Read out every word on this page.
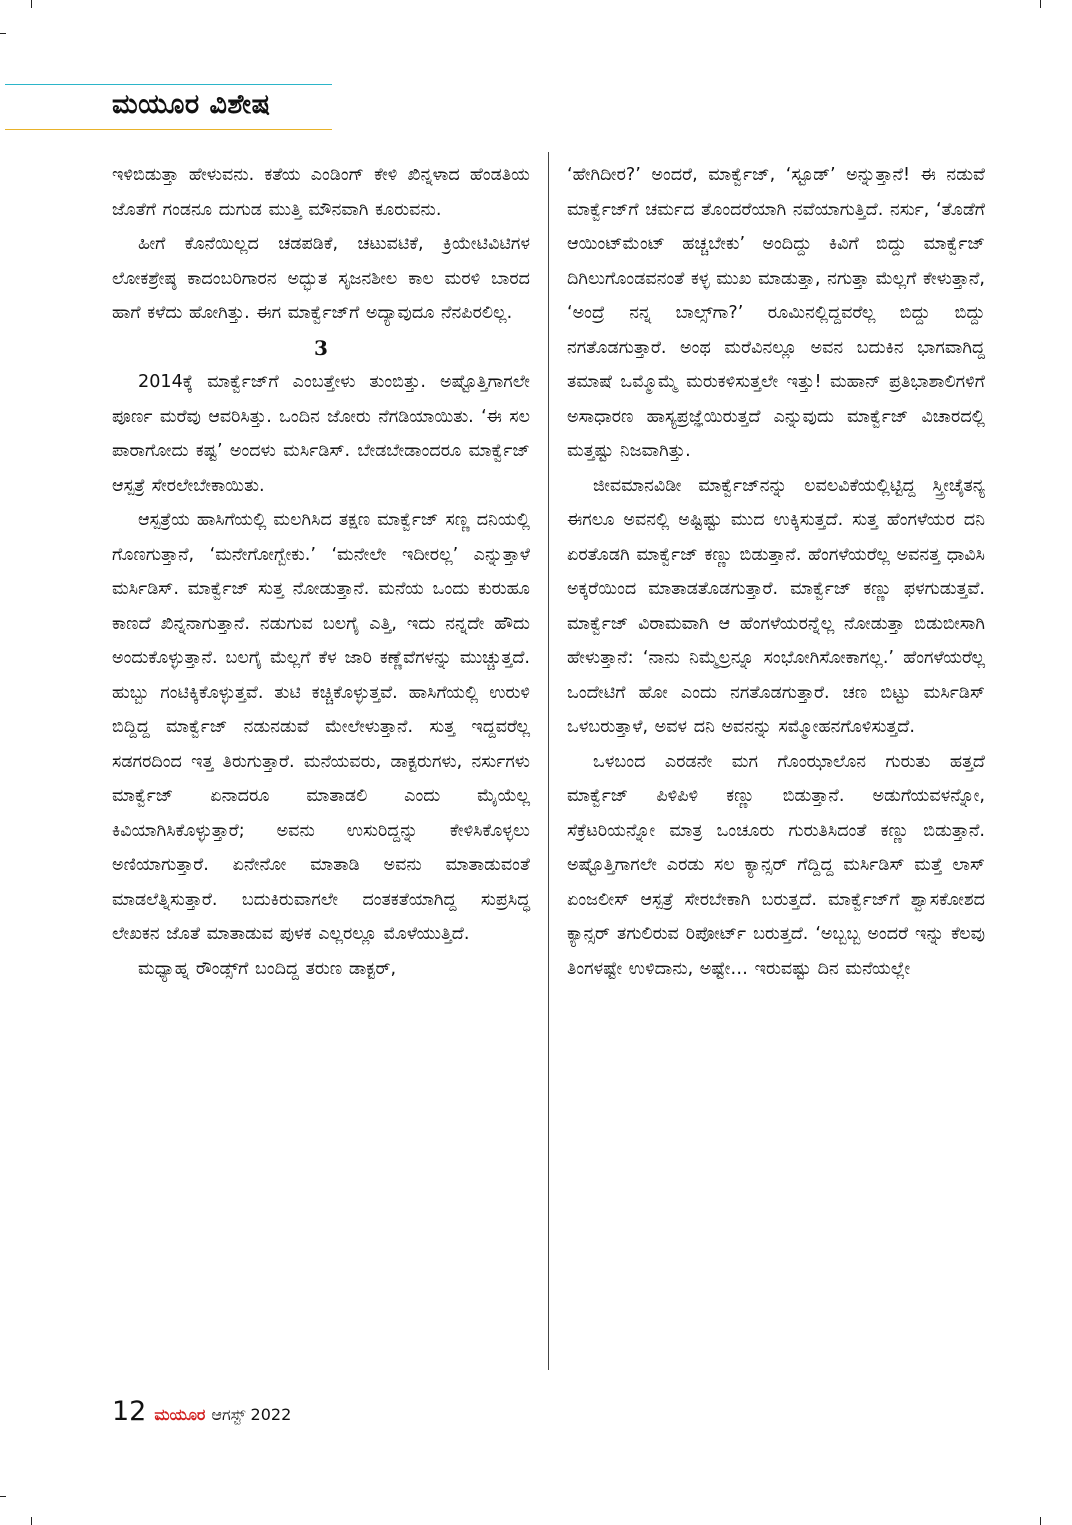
ಮಯೂರ ವಿಶೇಷ

ಇಳಿಬಿಡುತ್ತಾ ಹೇಳುವನು. ಕತೆಯ ಎಂಡಿಂಗ್ ಕೇಳಿ ಖಿನ್ನಳಾದ ಹೆಂಡತಿಯ ಜೊತೆಗೆ ಗಂಡನೂ ದುಗುಡ ಮುತ್ತಿ ಮೌನವಾಗಿ ಕೂರುವನು.

ಹೀಗೆ ಕೊನೆಯಿಲ್ಲದ ಚಡಪಡಿಕೆ, ಚಟುವಟಿಕೆ, ಕ್ರಿಯೇಟಿವಿಟಿಗಳ ಲೋಕಶ್ರೇಷ್ಠ ಕಾದಂಬರಿಗಾರನ ಅದ್ಭುತ ಸೃಜನಶೀಲ ಕಾಲ ಮರಳಿ ಬಾರದ ಹಾಗೆ ಕಳೆದು ಹೋಗಿತ್ತು. ಈಗ ಮಾರ್ಕ್ವೆಜ್‌ಗೆ ಅದ್ಯಾವುದೂ ನೆನಪಿರಲಿಲ್ಲ.

3

2014ಕ್ಕೆ ಮಾರ್ಕ್ವೆಜ್‌ಗೆ ಎಂಬತ್ತೇಳು ತುಂಬಿತ್ತು. ಅಷ್ಟೊತ್ತಿಗಾಗಲೇ ಪೂರ್ಣ ಮರೆವು ಆವರಿಸಿತ್ತು. ಒಂದಿನ ಜೋರು ನೆಗಡಿಯಾಯಿತು. ‘ಈ ಸಲ ಪಾರಾಗೋದು ಕಷ್ಟ’ ಅಂದಳು ಮರ್ಸಿಡಿಸ್. ಬೇಡಬೇಡಾಂದರೂ ಮಾರ್ಕ್ವೆಜ್ ಆಸ್ಪತ್ರೆ ಸೇರಲೇಬೇಕಾಯಿತು.

ಆಸ್ಪತ್ರೆಯ ಹಾಸಿಗೆಯಲ್ಲಿ ಮಲಗಿಸಿದ ತಕ್ಷಣ ಮಾರ್ಕ್ವೆಜ್ ಸಣ್ಣ ದನಿಯಲ್ಲಿ ಗೊಣಗುತ್ತಾನೆ, ‘ಮನೇಗೋಗ್ಬೇಕು.’ ‘ಮನೇಲೇ ಇದೀರಲ್ಲ’ ಎನ್ನುತ್ತಾಳೆ ಮರ್ಸಿಡಿಸ್. ಮಾರ್ಕ್ವೆಜ್ ಸುತ್ತ ನೋಡುತ್ತಾನೆ. ಮನೆಯ ಒಂದು ಕುರುಹೂ ಕಾಣದೆ ಖಿನ್ನನಾಗುತ್ತಾನೆ. ನಡುಗುವ ಬಲಗೈ ಎತ್ತಿ, ಇದು ನನ್ನದೇ ಹೌದು ಅಂದುಕೊಳ್ಳುತ್ತಾನೆ. ಬಲಗೈ ಮೆಲ್ಲಗೆ ಕೆಳ ಜಾರಿ ಕಣ್ಣೆವೆಗಳನ್ನು ಮುಚ್ಚುತ್ತದೆ. ಹುಬ್ಬು ಗಂಟಿಕ್ಕಿಕೊಳ್ಳುತ್ತವೆ. ತುಟಿ ಕಚ್ಚಿಕೊಳ್ಳುತ್ತವೆ. ಹಾಸಿಗೆಯಲ್ಲಿ ಉರುಳಿ ಬಿದ್ದಿದ್ದ ಮಾರ್ಕ್ವೆಜ್ ನಡುನಡುವೆ ಮೇಲೇಳುತ್ತಾನೆ. ಸುತ್ತ ಇದ್ದವರೆಲ್ಲ ಸಡಗರದಿಂದ ಇತ್ತ ತಿರುಗುತ್ತಾರೆ. ಮನೆಯವರು, ಡಾಕ್ಟರುಗಳು, ನರ್ಸುಗಳು ಮಾರ್ಕ್ವೆಜ್ ಏನಾದರೂ ಮಾತಾಡಲಿ ಎಂದು ಮೈಯೆಲ್ಲ ಕಿವಿಯಾಗಿಸಿಕೊಳ್ಳುತ್ತಾರೆ; ಅವನು ಉಸುರಿದ್ದನ್ನು ಕೇಳಿಸಿಕೊಳ್ಳಲು ಅಣಿಯಾಗುತ್ತಾರೆ. ಏನೇನೋ ಮಾತಾಡಿ ಅವನು ಮಾತಾಡುವಂತೆ ಮಾಡಲೆತ್ನಿಸುತ್ತಾರೆ. ಬದುಕಿರುವಾಗಲೇ ದಂತಕತೆಯಾಗಿದ್ದ ಸುಪ್ರಸಿದ್ಧ ಲೇಖಕನ ಜೊತೆ ಮಾತಾಡುವ ಪುಳಕ ಎಲ್ಲರಲ್ಲೂ ಮೊಳೆಯುತ್ತಿದೆ.

ಮಧ್ಯಾಹ್ನ ರೌಂಡ್ಸ್‌ಗೆ ಬಂದಿದ್ದ ತರುಣ ಡಾಕ್ಟರ್,

‘ಹೇಗಿದೀರ?’ ಅಂದರೆ, ಮಾರ್ಕ್ವೆಜ್, ‘ಸ್ಟೂಡ್’ ಅನ್ನುತ್ತಾನೆ! ಈ ನಡುವೆ ಮಾರ್ಕ್ವೆಜ್‌ಗೆ ಚರ್ಮದ ತೊಂದರೆಯಾಗಿ ನವೆಯಾಗುತ್ತಿದೆ. ನರ್ಸು, ‘ತೊಡೆಗೆ ಆಯಿಂಟ್‌ಮೆಂಟ್ ಹಚ್ಚಬೇಕು’ ಅಂದಿದ್ದು ಕಿವಿಗೆ ಬಿದ್ದು ಮಾರ್ಕ್ವೆಜ್ ದಿಗಿಲುಗೊಂಡವನಂತೆ ಕಳ್ಳ ಮುಖ ಮಾಡುತ್ತಾ, ನಗುತ್ತಾ ಮೆಲ್ಲಗೆ ಕೇಳುತ್ತಾನೆ, ‘ಅಂದ್ರೆ ನನ್ನ ಬಾಲ್ಸ್‌ಗಾ?’ ರೂಮಿನಲ್ಲಿದ್ದವರೆಲ್ಲ ಬಿದ್ದು ಬಿದ್ದು ನಗತೊಡಗುತ್ತಾರೆ. ಅಂಥ ಮರೆವಿನಲ್ಲೂ ಅವನ ಬದುಕಿನ ಭಾಗವಾಗಿದ್ದ ತಮಾಷೆ ಒಮ್ಮೊಮ್ಮೆ ಮರುಕಳಿಸುತ್ತಲೇ ಇತ್ತು! ಮಹಾನ್ ಪ್ರತಿಭಾಶಾಲಿಗಳಿಗೆ ಅಸಾಧಾರಣ ಹಾಸ್ಯಪ್ರಜ್ಞೆಯಿರುತ್ತದೆ ಎನ್ನುವುದು ಮಾರ್ಕ್ವೆಜ್ ವಿಚಾರದಲ್ಲಿ ಮತ್ತಷ್ಟು ನಿಜವಾಗಿತ್ತು.

ಜೀವಮಾನವಿಡೀ ಮಾರ್ಕ್ವೆಜ್‌ನನ್ನು ಲವಲವಿಕೆಯಲ್ಲಿಟ್ಟಿದ್ದ ಸ್ತ್ರೀಚೈತನ್ಯ ಈಗಲೂ ಅವನಲ್ಲಿ ಅಷ್ಟಿಷ್ಟು ಮುದ ಉಕ್ಕಿಸುತ್ತದೆ. ಸುತ್ತ ಹೆಂಗಳೆಯರ ದನಿ ಏರತೊಡಗಿ ಮಾರ್ಕ್ವೆಜ್ ಕಣ್ಣು ಬಿಡುತ್ತಾನೆ. ಹೆಂಗಳೆಯರೆಲ್ಲ ಅವನತ್ತ ಧಾವಿಸಿ ಅಕ್ಕರೆಯಿಂದ ಮಾತಾಡತೊಡಗುತ್ತಾರೆ. ಮಾರ್ಕ್ವೆಜ್ ಕಣ್ಣು ಫಳಗುಡುತ್ತವೆ. ಮಾರ್ಕ್ವೆಜ್ ವಿರಾಮವಾಗಿ ಆ ಹೆಂಗಳೆಯರನ್ನೆಲ್ಲ ನೋಡುತ್ತಾ ಬಿಡುಬೀಸಾಗಿ ಹೇಳುತ್ತಾನೆ: ‘ನಾನು ನಿಮ್ಮೆಲ್ರನ್ನೂ ಸಂಭೋಗಿಸೋಕಾಗಲ್ಲ.’ ಹೆಂಗಳೆಯರೆಲ್ಲ ಒಂದೇಟಿಗೆ ಹೋ ಎಂದು ನಗತೊಡಗುತ್ತಾರೆ. ಚಣ ಬಿಟ್ಟು ಮರ್ಸಿಡಿಸ್ ಒಳಬರುತ್ತಾಳೆ, ಅವಳ ದನಿ ಅವನನ್ನು ಸಮ್ಮೋಹನಗೊಳಿಸುತ್ತದೆ.

ಒಳಬಂದ ಎರಡನೇ ಮಗ ಗೊಂಝಾಲೊನ ಗುರುತು ಹತ್ತದೆ ಮಾರ್ಕ್ವೆಜ್ ಪಿಳಿಪಿಳಿ ಕಣ್ಣು ಬಿಡುತ್ತಾನೆ. ಅಡುಗೆಯವಳನ್ನೋ, ಸೆಕ್ರೆಟರಿಯನ್ನೋ ಮಾತ್ರ ಒಂಚೂರು ಗುರುತಿಸಿದಂತೆ ಕಣ್ಣು ಬಿಡುತ್ತಾನೆ. ಅಷ್ಟೊತ್ತಿಗಾಗಲೇ ಎರಡು ಸಲ ಕ್ಯಾನ್ಸರ್ ಗೆದ್ದಿದ್ದ ಮರ್ಸಿಡಿಸ್ ಮತ್ತೆ ಲಾಸ್ ಏಂಜಲೀಸ್ ಆಸ್ಪತ್ರೆ ಸೇರಬೇಕಾಗಿ ಬರುತ್ತದೆ. ಮಾರ್ಕ್ವೆಜ್‌ಗೆ ಶ್ವಾಸಕೋಶದ ಕ್ಯಾನ್ಸರ್ ತಗುಲಿರುವ ರಿಪೋರ್ಟ್ ಬರುತ್ತದೆ. ‘ಅಬ್ಬಬ್ಬ ಅಂದರೆ ಇನ್ನು ಕೆಲವು ತಿಂಗಳಷ್ಟೇ ಉಳಿದಾನು, ಅಷ್ಟೇ… ಇರುವಷ್ಟು ದಿನ ಮನೆಯಲ್ಲೇ

12 ಮಯೂರ ಆಗಸ್ಟ್ 2022
